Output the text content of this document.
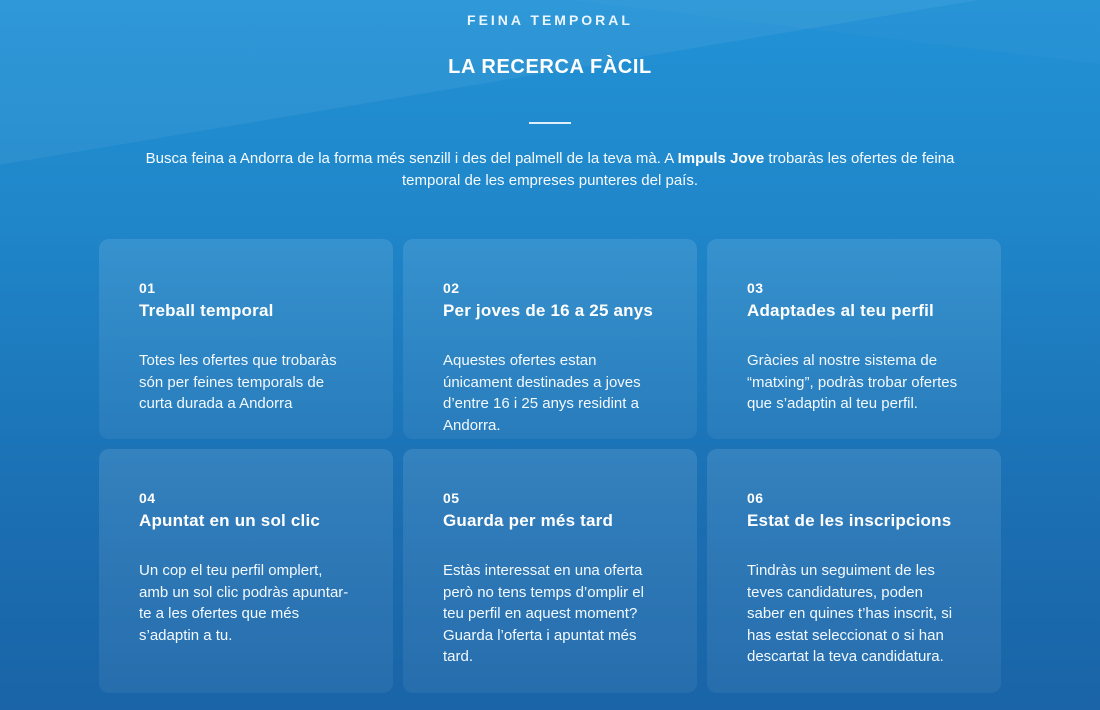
FEINA TEMPORAL
LA RECERCA FÀCIL

Busca feina a Andorra de la forma més senzill i des del palmell de la teva mà. A Impuls Jove trobaràs les ofertes de feina temporal de les empreses punteres del país.

01
Treball temporal
Totes les ofertes que trobaràs són per feines temporals de curta durada a Andorra
02
Per joves de 16 a 25 anys
Aquestes ofertes estan únicament destinades a joves d’entre 16 i 25 anys residint a Andorra.
03
Adaptades al teu perfil
Gràcies al nostre sistema de “matxing”, podràs trobar ofertes que s’adaptin al teu perfil.
04
Apuntat en un sol clic
Un cop el teu perfil omplert, amb un sol clic podràs apuntar-te a les ofertes que més s’adaptin a tu.
05
Guarda per més tard
Estàs interessat en una oferta però no tens temps d’omplir el teu perfil en aquest moment? Guarda l’oferta i apuntat més tard.
06
Estat de les inscripcions
Tindràs un seguiment de les teves candidatures, poden saber en quines t’has inscrit, si has estat seleccionat o si han descartat la teva candidatura.
